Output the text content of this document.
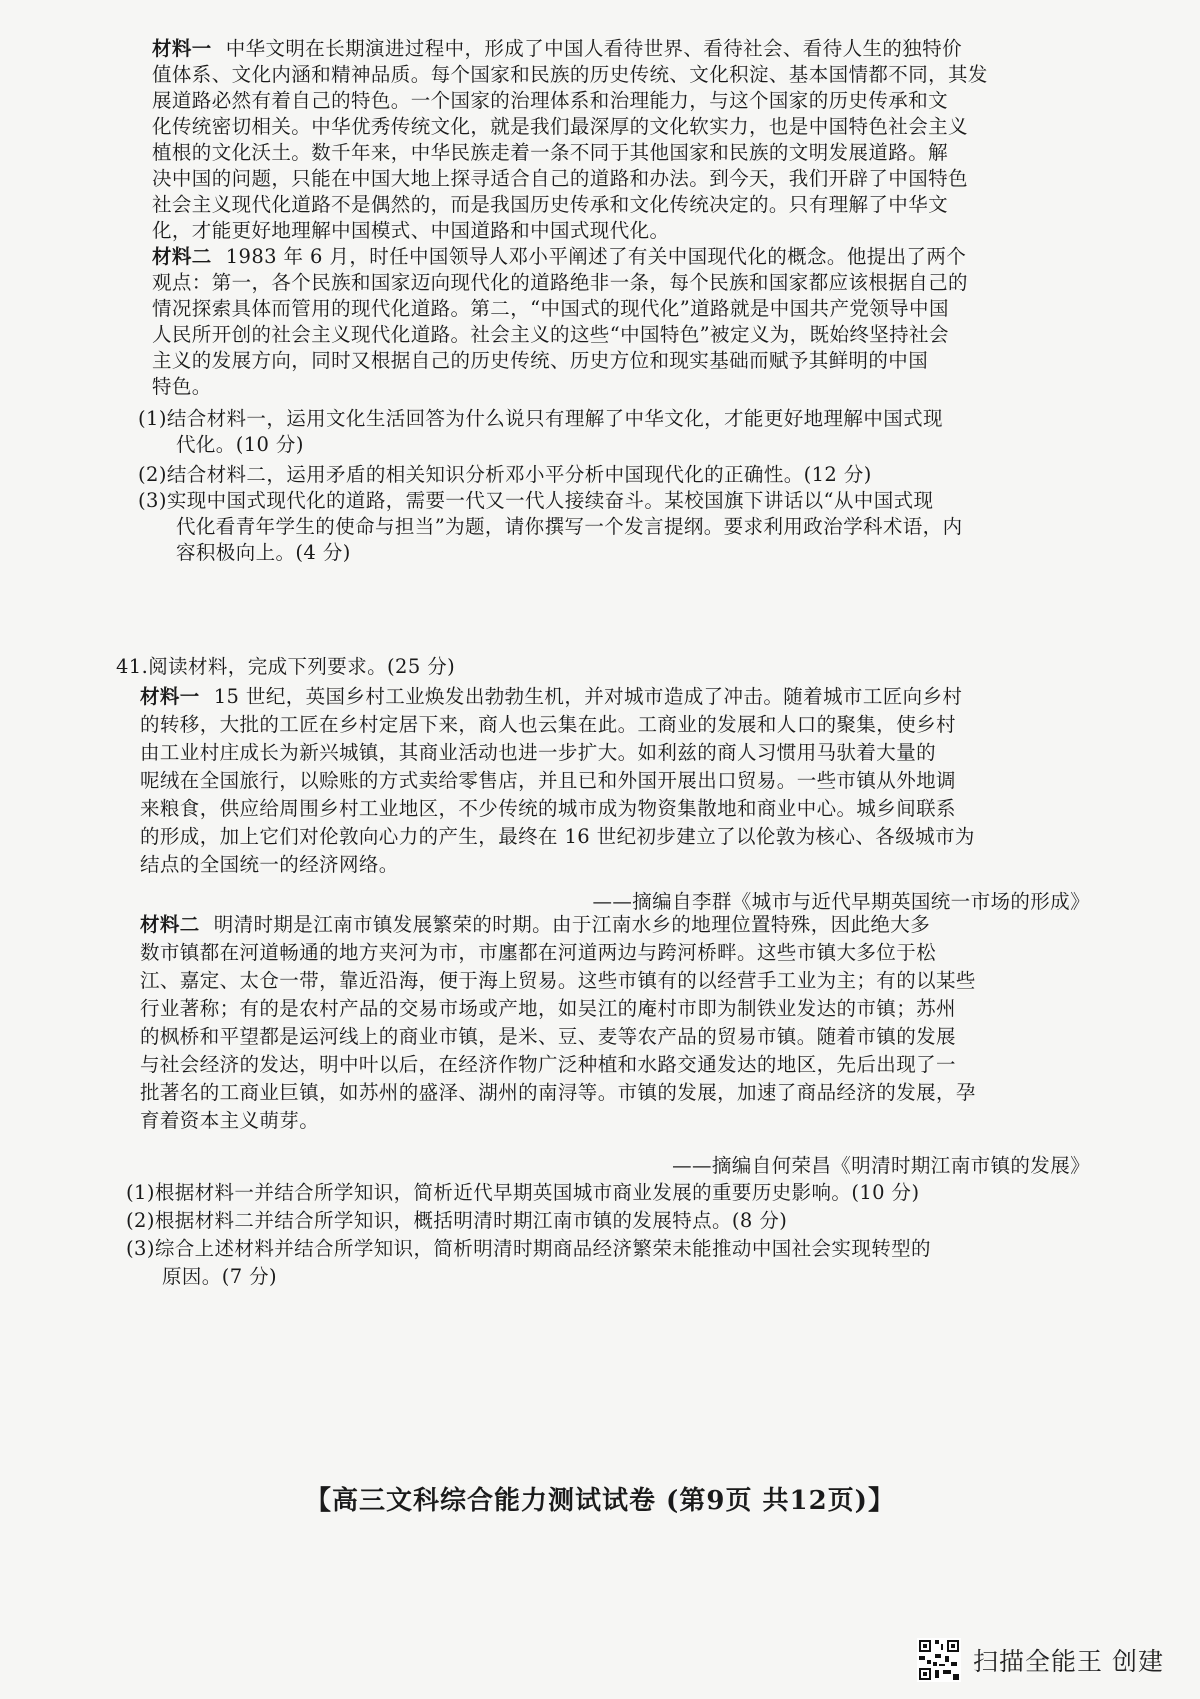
材料一 中华文明在长期演进过程中，形成了中国人看待世界、看待社会、看待人生的独特价
值体系、文化内涵和精神品质。每个国家和民族的历史传统、文化积淀、基本国情都不同，其发
展道路必然有着自己的特色。一个国家的治理体系和治理能力，与这个国家的历史传承和文
化传统密切相关。中华优秀传统文化，就是我们最深厚的文化软实力，也是中国特色社会主义
植根的文化沃土。数千年来，中华民族走着一条不同于其他国家和民族的文明发展道路。解
决中国的问题，只能在中国大地上探寻适合自己的道路和办法。到今天，我们开辟了中国特色
社会主义现代化道路不是偶然的，而是我国历史传承和文化传统决定的。只有理解了中华文
化，才能更好地理解中国模式、中国道路和中国式现代化。
材料二 1983 年 6 月，时任中国领导人邓小平阐述了有关中国现代化的概念。他提出了两个
观点：第一，各个民族和国家迈向现代化的道路绝非一条，每个民族和国家都应该根据自己的
情况探索具体而管用的现代化道路。第二，“中国式的现代化”道路就是中国共产党领导中国
人民所开创的社会主义现代化道路。社会主义的这些“中国特色”被定义为，既始终坚持社会
主义的发展方向，同时又根据自己的历史传统、历史方位和现实基础而赋予其鲜明的中国
特色。
(1)结合材料一，运用文化生活回答为什么说只有理解了中华文化，才能更好地理解中国式现
代化。(10 分)
(2)结合材料二，运用矛盾的相关知识分析邓小平分析中国现代化的正确性。(12 分)
(3)实现中国式现代化的道路，需要一代又一代人接续奋斗。某校国旗下讲话以“从中国式现
代化看青年学生的使命与担当”为题，请你撰写一个发言提纲。要求利用政治学科术语，内
容积极向上。(4 分)
41.阅读材料，完成下列要求。(25 分)
材料一 15 世纪，英国乡村工业焕发出勃勃生机，并对城市造成了冲击。随着城市工匠向乡村
的转移，大批的工匠在乡村定居下来，商人也云集在此。工商业的发展和人口的聚集，使乡村
由工业村庄成长为新兴城镇，其商业活动也进一步扩大。如利兹的商人习惯用马驮着大量的
呢绒在全国旅行，以赊账的方式卖给零售店，并且已和外国开展出口贸易。一些市镇从外地调
来粮食，供应给周围乡村工业地区，不少传统的城市成为物资集散地和商业中心。城乡间联系
的形成，加上它们对伦敦向心力的产生，最终在 16 世纪初步建立了以伦敦为核心、各级城市为
结点的全国统一的经济网络。
——摘编自李群《城市与近代早期英国统一市场的形成》
材料二 明清时期是江南市镇发展繁荣的时期。由于江南水乡的地理位置特殊，因此绝大多
数市镇都在河道畅通的地方夹河为市，市廛都在河道两边与跨河桥畔。这些市镇大多位于松
江、嘉定、太仓一带，靠近沿海，便于海上贸易。这些市镇有的以经营手工业为主；有的以某些
行业著称；有的是农村产品的交易市场或产地，如吴江的庵村市即为制铁业发达的市镇；苏州
的枫桥和平望都是运河线上的商业市镇，是米、豆、麦等农产品的贸易市镇。随着市镇的发展
与社会经济的发达，明中叶以后，在经济作物广泛种植和水路交通发达的地区，先后出现了一
批著名的工商业巨镇，如苏州的盛泽、湖州的南浔等。市镇的发展，加速了商品经济的发展，孕
育着资本主义萌芽。
——摘编自何荣昌《明清时期江南市镇的发展》
(1)根据材料一并结合所学知识，简析近代早期英国城市商业发展的重要历史影响。(10 分)
(2)根据材料二并结合所学知识，概括明清时期江南市镇的发展特点。(8 分)
(3)综合上述材料并结合所学知识，简析明清时期商品经济繁荣未能推动中国社会实现转型的
原因。(7 分)
【高三文科综合能力测试试卷 (第9页 共12页)】
扫描全能王 创建
